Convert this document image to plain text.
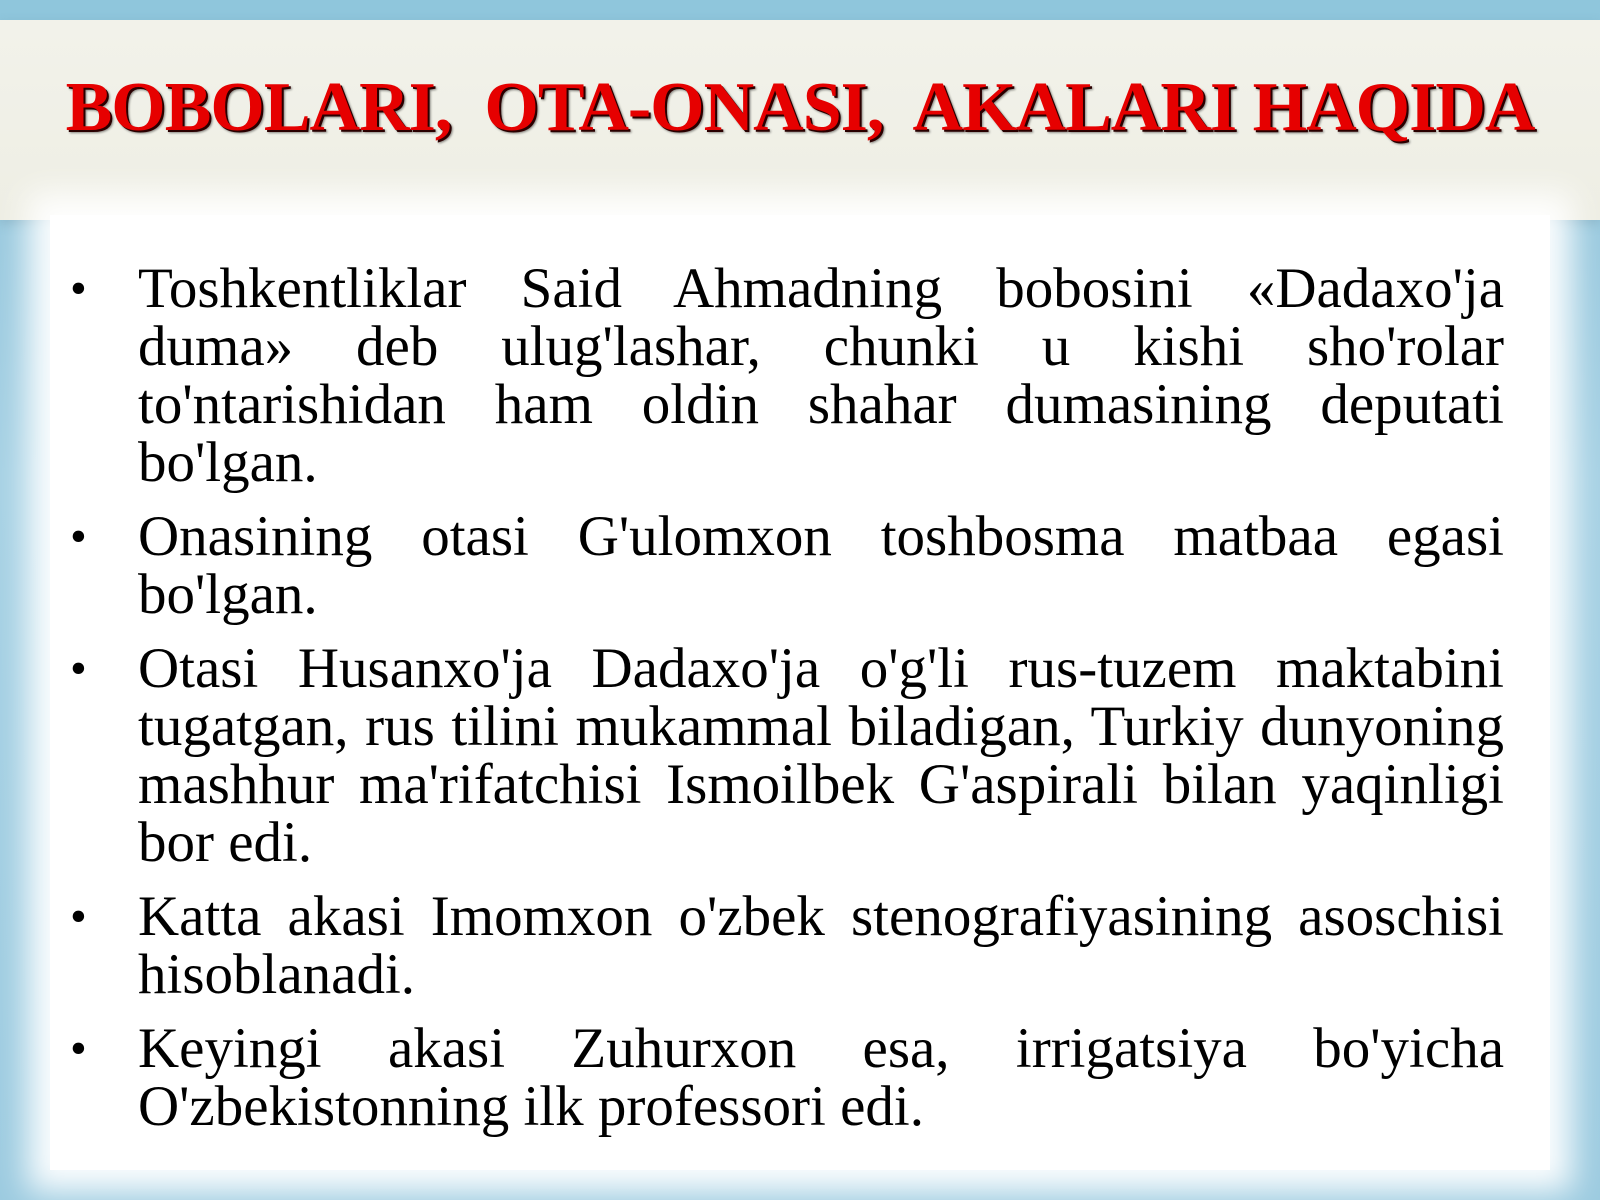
BOBOLARI,  OTA-ONASI,  AKALARI HAQIDA
• Toshkentliklar Said Ahmadning bobosini «Dadaxo'ja duma» deb ulug'lashar, chunki u kishi sho'rolar to'ntarishidan ham oldin shahar dumasining deputati bo'lgan.

• Onasining otasi G'ulomxon toshbosma matbaa egasi bo'lgan.

• Otasi Husanxo'ja Dadaxo'ja o'g'li rus-tuzem maktabini tugatgan, rus tilini mukammal biladigan, Turkiy dunyoning mashhur ma'rifatchisi Ismoilbek G'aspirali bilan yaqinligi bor edi.

• Katta akasi Imomxon o'zbek stenografiyasining asoschisi hisoblanadi.

• Keyingi akasi Zuhurxon esa, irrigatsiya bo'yicha O'zbekistonning ilk professori edi.
